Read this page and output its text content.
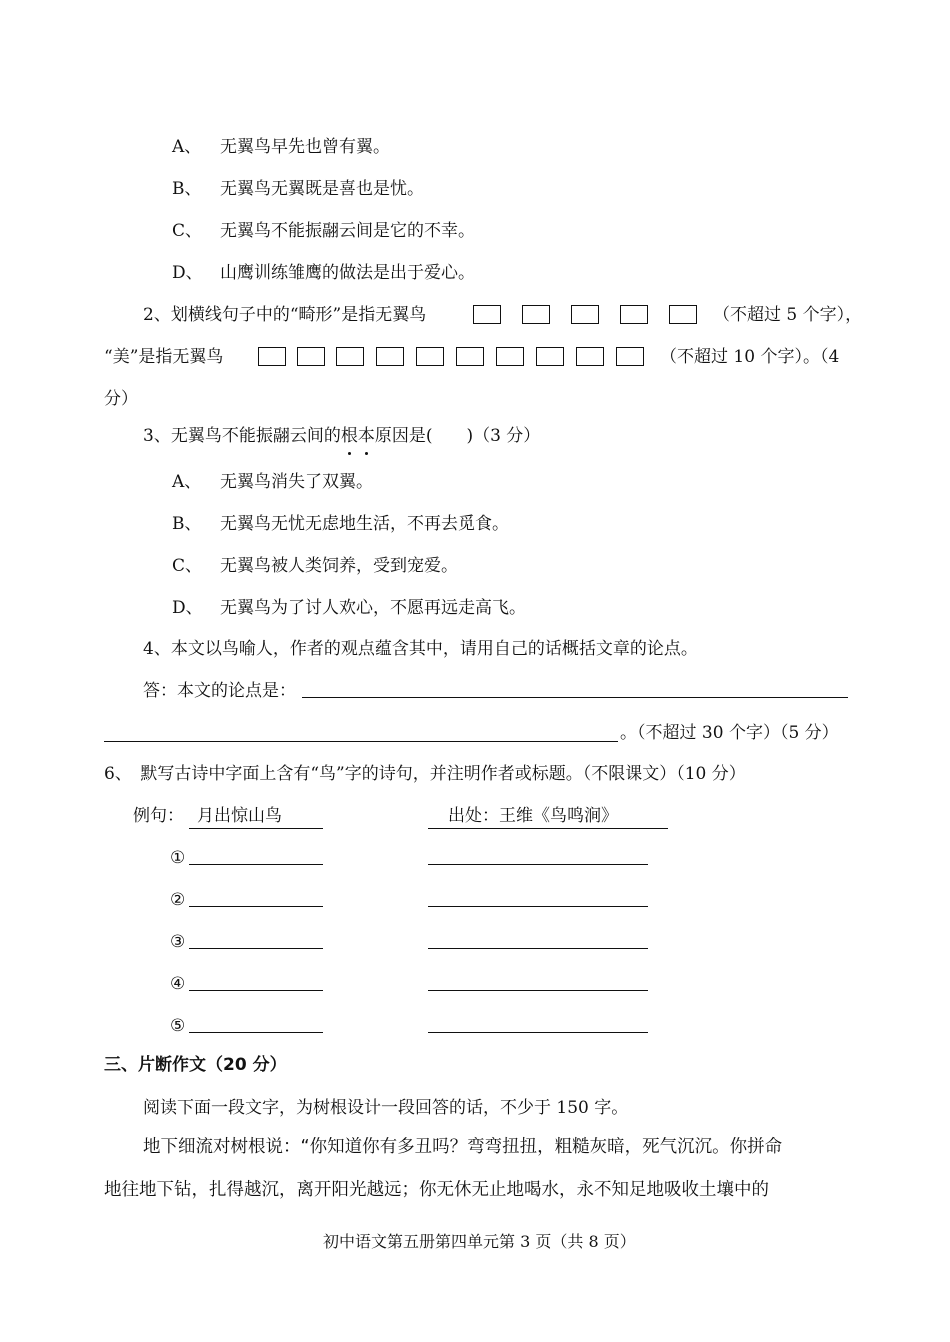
A、 无翼鸟早先也曾有翼。
B、 无翼鸟无翼既是喜也是忧。
C、 无翼鸟不能振翮云间是它的不幸。
D、 山鹰训练雏鹰的做法是出于爱心。
2、划横线句子中的“畸形”是指无翼鸟	（不超过 5 个字），
“美”是指无翼鸟	（不超过 10 个字）。（4
分）
3、无翼鸟不能振翮云间的根本原因是(　　)（3 分）
A、 无翼鸟消失了双翼。
B、 无翼鸟无忧无虑地生活，不再去觅食。
C、 无翼鸟被人类饲养，受到宠爱。
D、 无翼鸟为了讨人欢心，不愿再远走高飞。
4、本文以鸟喻人，作者的观点蕴含其中，请用自己的话概括文章的论点。
答：本文的论点是：
。（不超过 30 个字）（5 分）
6、　默写古诗中字面上含有“鸟”字的诗句，并注明作者或标题。（不限课文）（10 分）
例句： 月出惊山鸟	出处：王维《鸟鸣涧》
①
②
③
④
⑤
三、片断作文（20 分）
阅读下面一段文字，为树根设计一段回答的话，不少于 150 字。
地下细流对树根说：“你知道你有多丑吗？弯弯扭扭，粗糙灰暗，死气沉沉。你拼命
地往地下钻，扎得越沉，离开阳光越远；你无休无止地喝水，永不知足地吸收土壤中的
初中语文第五册第四单元第 3 页（共 8 页）
